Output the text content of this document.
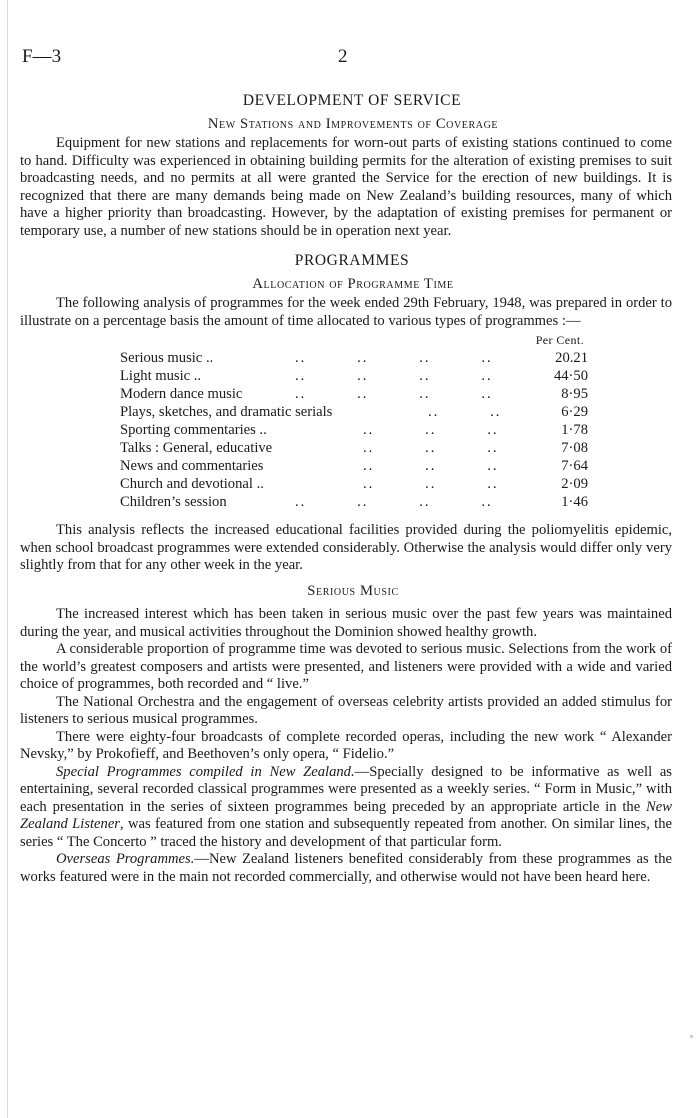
F—3	2
DEVELOPMENT OF SERVICE
New Stations and Improvements of Coverage

Equipment for new stations and replacements for worn-out parts of existing stations continued to come to hand. Difficulty was experienced in obtaining building permits for the alteration of existing premises to suit broadcasting needs, and no permits at all were granted the Service for the erection of new buildings. It is recognized that there are many demands being made on New Zealand’s building resources, many of which have a higher priority than broadcasting. However, by the adaptation of existing premises for permanent or temporary use, a number of new stations should be in operation next year.

PROGRAMMES
Allocation of Programme Time

The following analysis of programmes for the week ended 29th February, 1948, was prepared in order to illustrate on a percentage basis the amount of time allocated to various types of programmes :—

Per Cent.
Serious music ..	..         ..         ..         ..	20.21
Light music ..	..         ..         ..         ..	44·50
Modern dance music	..         ..         ..         ..	8·95
Plays, sketches, and dramatic serials	..         ..	6·29
Sporting commentaries ..	..         ..         ..	1·78
Talks : General, educative	..         ..         ..	7·08
News and commentaries	..         ..         ..	7·64
Church and devotional ..	..         ..         ..	2·09
Children’s session	..         ..         ..         ..	1·46

This analysis reflects the increased educational facilities provided during the poliomyelitis epidemic, when school broadcast programmes were extended considerably. Otherwise the analysis would differ only very slightly from that for any other week in the year.

Serious Music

The increased interest which has been taken in serious music over the past few years was maintained during the year, and musical activities throughout the Dominion showed healthy growth.

A considerable proportion of programme time was devoted to serious music. Selections from the work of the world’s greatest composers and artists were presented, and listeners were provided with a wide and varied choice of programmes, both recorded and “ live.”

The National Orchestra and the engagement of overseas celebrity artists provided an added stimulus for listeners to serious musical programmes.

There were eighty-four broadcasts of complete recorded operas, including the new work “ Alexander Nevsky,” by Prokofieff, and Beethoven’s only opera, “ Fidelio.”

Special Programmes compiled in New Zealand.—Specially designed to be informative as well as entertaining, several recorded classical programmes were presented as a weekly series. “ Form in Music,” with each presentation in the series of sixteen programmes being preceded by an appropriate article in the New Zealand Listener, was featured from one station and subsequently repeated from another. On similar lines, the series “ The Concerto ” traced the history and development of that particular form.

Overseas Programmes.—New Zealand listeners benefited considerably from these programmes as the works featured were in the main not recorded commercially, and otherwise would not have been heard here.
